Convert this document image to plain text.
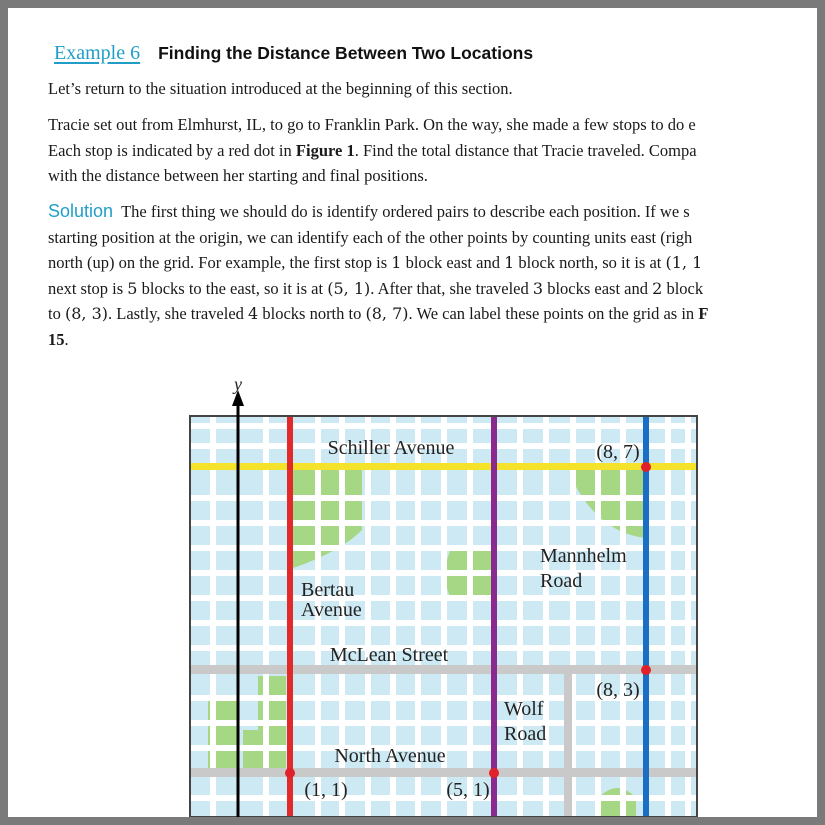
Example 6 Finding the Distance Between Two Locations
Let’s return to the situation introduced at the beginning of this section.
Tracie set out from Elmhurst, IL, to go to Franklin Park. On the way, she made a few stops to do e
Each stop is indicated by a red dot in Figure 1. Find the total distance that Tracie traveled. Compa
with the distance between her starting and final positions.
Solution The first thing we should do is identify ordered pairs to describe each position. If we s
starting position at the origin, we can identify each of the other points by counting units east (righ
north (up) on the grid. For example, the first stop is 1 block east and 1 block north, so it is at (1, 1
next stop is 5 blocks to the east, so it is at (5, 1). After that, she traveled 3 blocks east and 2 block
to (8, 3). Lastly, she traveled 4 blocks north to (8, 7). We can label these points on the grid as in F
15.
y
Schiller Avenue	(8, 7)
Mannhelm
Road
Bertau
Avenue
McLean Street
(8, 3)
Wolf
Road
North Avenue
(1, 1)	(5, 1)
